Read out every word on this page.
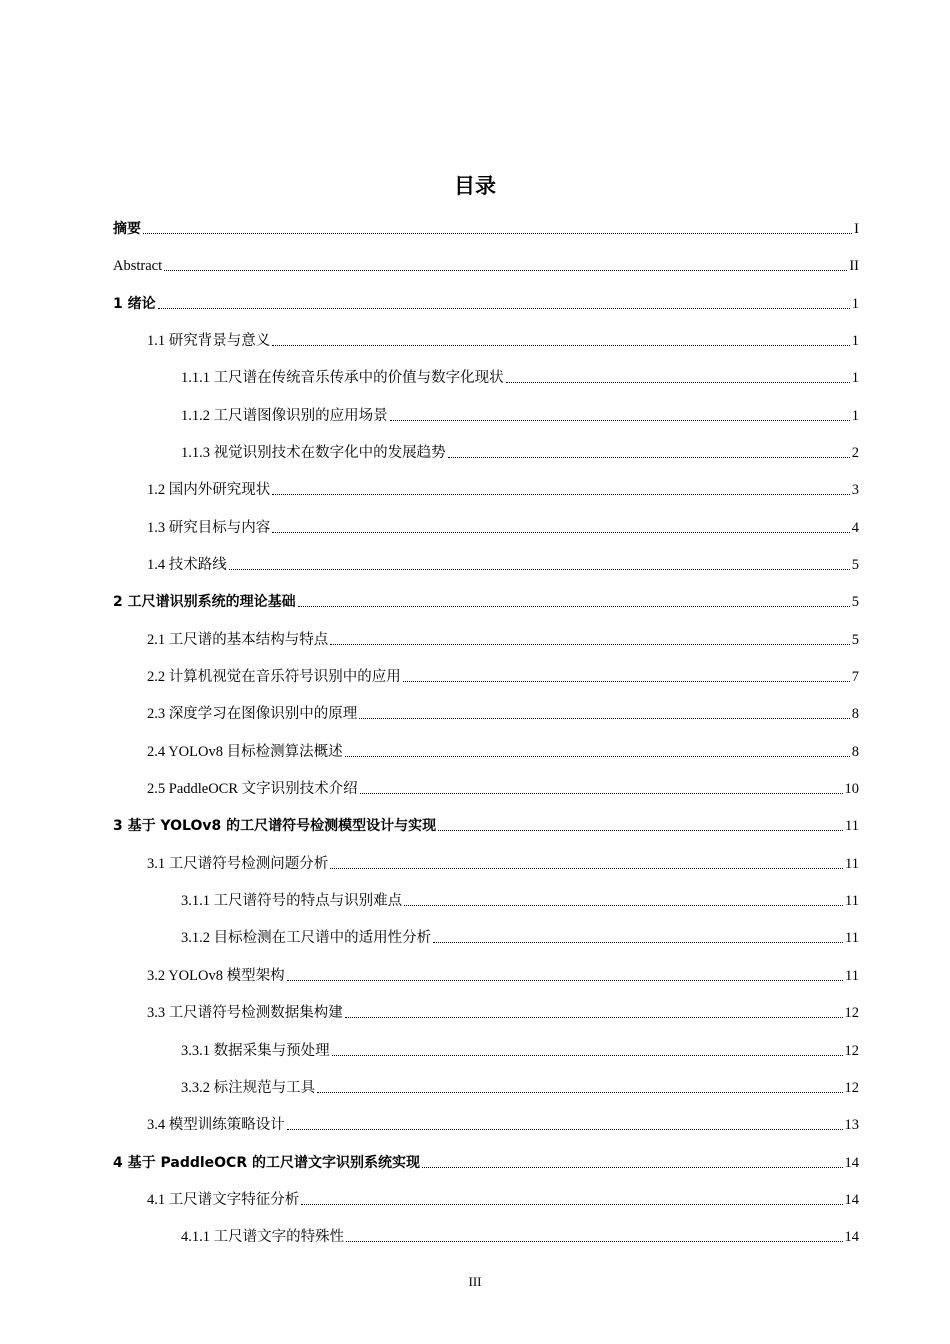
目录
摘要	I
Abstract	II
1 绪论	1
1.1 研究背景与意义	1
1.1.1 工尺谱在传统音乐传承中的价值与数字化现状	1
1.1.2 工尺谱图像识别的应用场景	1
1.1.3 视觉识别技术在数字化中的发展趋势	2
1.2 国内外研究现状	3
1.3 研究目标与内容	4
1.4 技术路线	5
2 工尺谱识别系统的理论基础	5
2.1 工尺谱的基本结构与特点	5
2.2 计算机视觉在音乐符号识别中的应用	7
2.3 深度学习在图像识别中的原理	8
2.4 YOLOv8 目标检测算法概述	8
2.5 PaddleOCR 文字识别技术介绍	10
3 基于 YOLOv8 的工尺谱符号检测模型设计与实现	11
3.1 工尺谱符号检测问题分析	11
3.1.1 工尺谱符号的特点与识别难点	11
3.1.2 目标检测在工尺谱中的适用性分析	11
3.2 YOLOv8 模型架构	11
3.3 工尺谱符号检测数据集构建	12
3.3.1 数据采集与预处理	12
3.3.2 标注规范与工具	12
3.4 模型训练策略设计	13
4 基于 PaddleOCR 的工尺谱文字识别系统实现	14
4.1 工尺谱文字特征分析	14
4.1.1 工尺谱文字的特殊性	14
III
